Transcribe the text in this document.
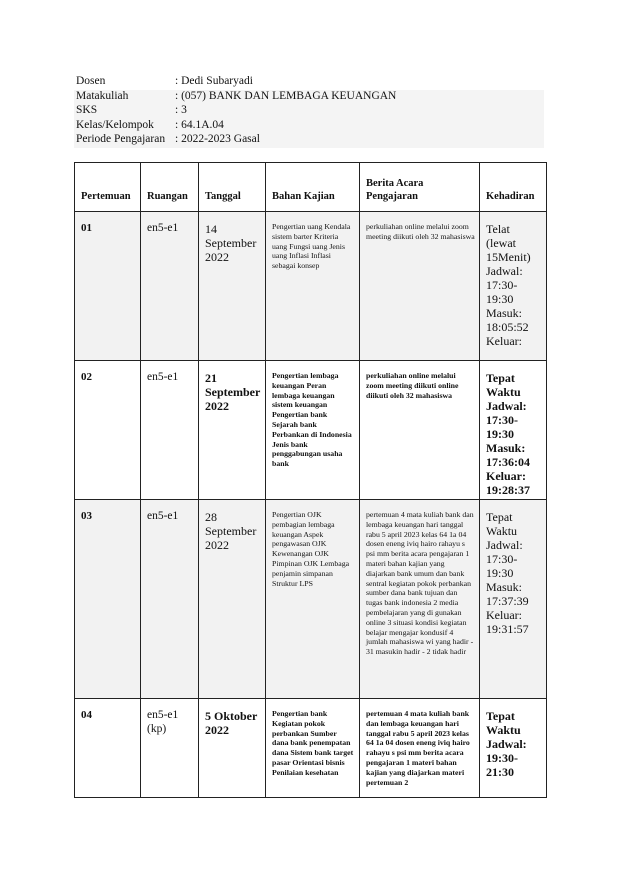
Dosen	: Dedi Subaryadi
Matakuliah	: (057) BANK DAN LEMBAGA KEUANGAN
SKS	: 3
Kelas/Kelompok	: 64.1A.04
Periode Pengajaran : 2022-2023 Gasal
Pertemuan	Ruangan	Tanggal	Bahan Kajian	Berita Acara Pengajaran	Kehadiran
01	en5-e1	14 September 2022	Pengertian uang Kendala sistem barter Kriteria uang Fungsi uang Jenis uang Inflasi Inflasi sebagai konsep	perkuliahan online melalui zoom meeting diikuti oleh 32 mahasiswa	Telat (lewat 15Menit) Jadwal: 17:30-19:30 Masuk: 18:05:52 Keluar:

02	en5-e1	21 September 2022	Pengertian lembaga keuangan Peran lembaga keuangan sistem keuangan Pengertian bank Sejarah bank Perbankan di Indonesia Jenis bank penggabungan usaha bank	perkuliahan online melalui zoom meeting diikuti online diikuti oleh 32 mahasiswa	Tepat Waktu Jadwal: 17:30-19:30 Masuk: 17:36:04 Keluar: 19:28:37

03	en5-e1	28 September 2022	Pengertian OJK pembagian lembaga keuangan Aspek pengawasan OJK Kewenangan OJK Pimpinan OJK Lembaga penjamin simpanan Struktur LPS	pertemuan 4 mata kuliah bank dan lembaga keuangan hari tanggal rabu 5 april 2023 kelas 64 1a 04 dosen eneng iviq hairo rahayu s psi mm berita acara pengajaran 1 materi bahan kajian yang diajarkan bank umum dan bank sentral kegiatan pokok perbankan sumber dana bank tujuan dan tugas bank indonesia 2 media pembelajaran yang di gunakan online 3 situasi kondisi kegiatan belajar mengajar kondusif 4 jumlah mahasiswa wi yang hadir - 31 masukin hadir - 2 tidak hadir	Tepat Waktu Jadwal: 17:30-19:30 Masuk: 17:37:39 Keluar: 19:31:57

04	en5-e1 (kp)	5 Oktober 2022	Pengertian bank Kegiatan pokok perbankan Sumber dana bank penempatan dana Sistem bank target pasar Orientasi bisnis Penilaian kesehatan	pertemuan 4 mata kuliah bank dan lembaga keuangan hari tanggal rabu 5 april 2023 kelas 64 1a 04 dosen eneng iviq hairo rahayu s psi mm berita acara pengajaran 1 materi bahan kajian yang diajarkan materi pertemuan 2	Tepat Waktu Jadwal: 19:30-21:30
